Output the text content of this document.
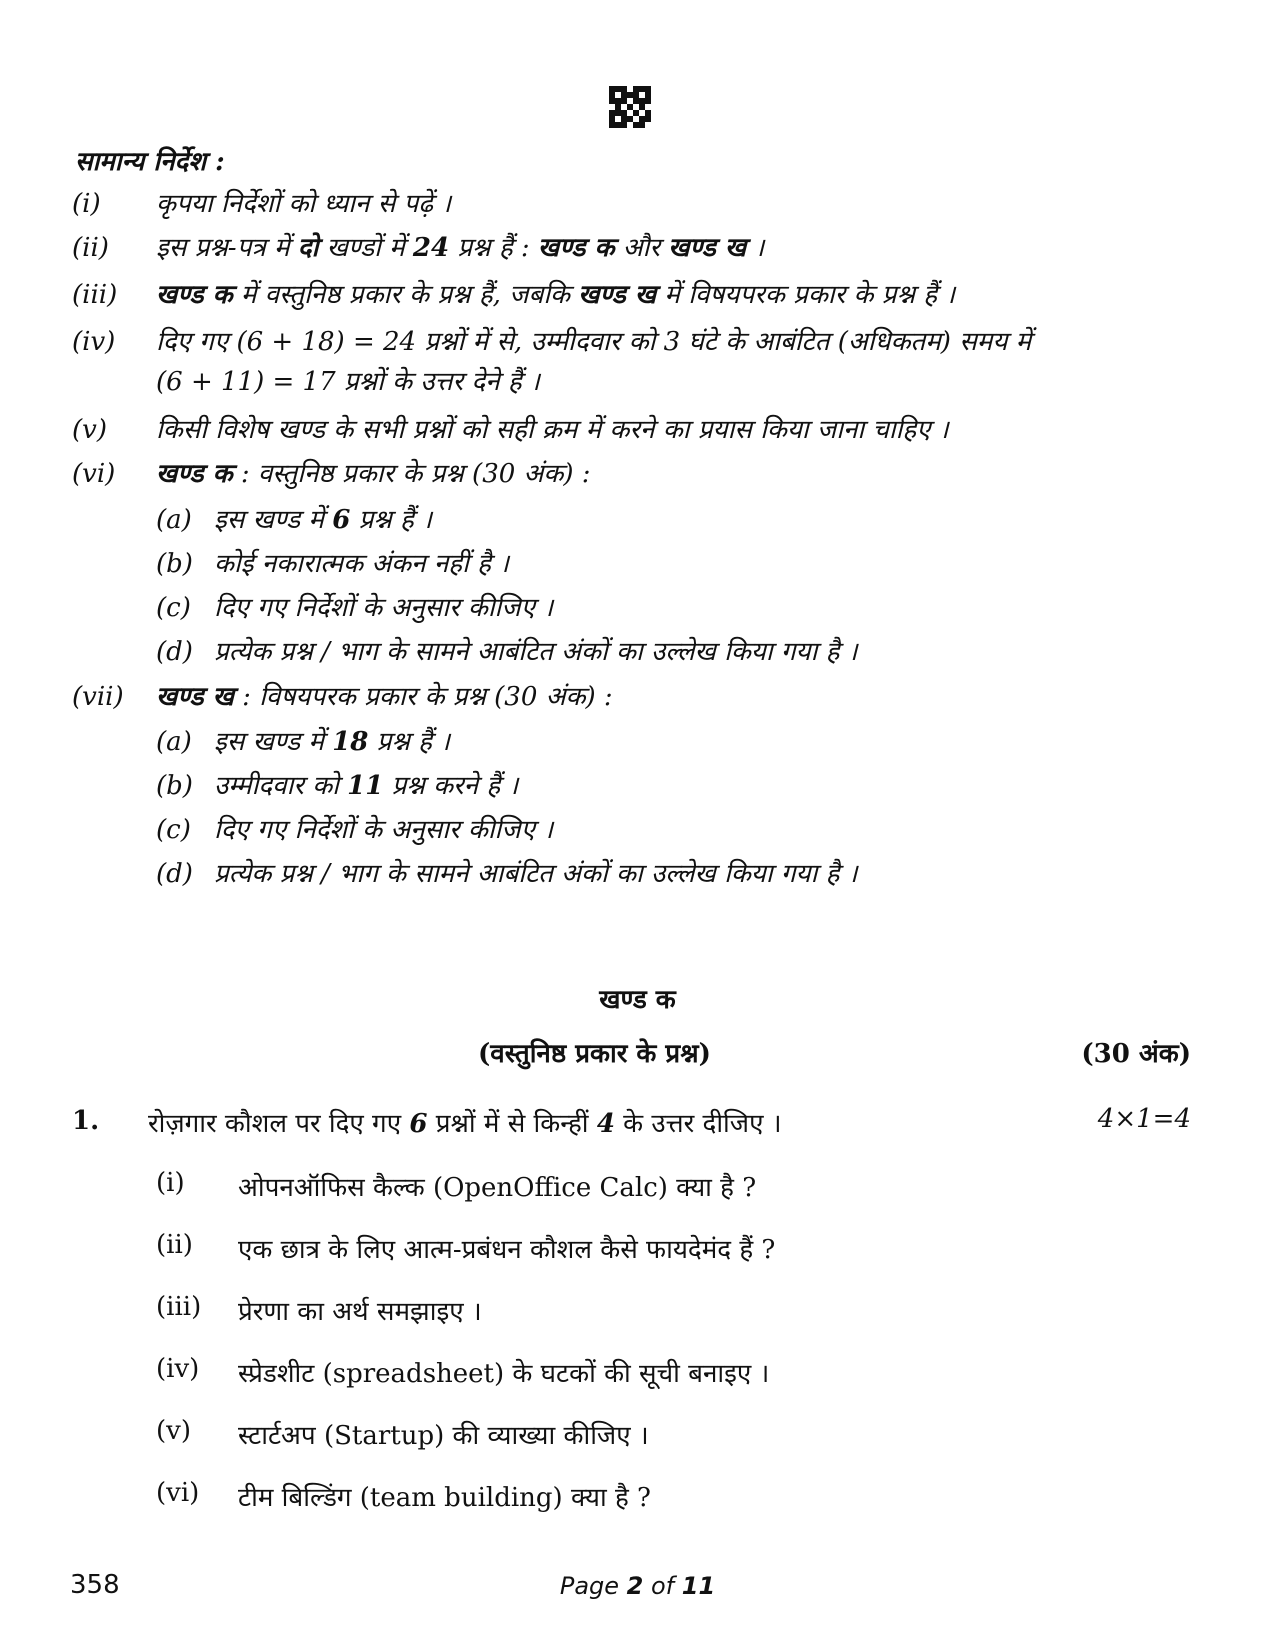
सामान्य निर्देश :
(i)	कृपया निर्देशों को ध्यान से पढ़ें ।
(ii)	इस प्रश्न-पत्र में दो खण्डों में 24 प्रश्न हैं : खण्ड क और खण्ड ख ।
(iii)	खण्ड क में वस्तुनिष्ठ प्रकार के प्रश्न हैं, जबकि खण्ड ख में विषयपरक प्रकार के प्रश्न हैं ।
(iv)	दिए गए (6 + 18) = 24 प्रश्नों में से, उम्मीदवार को 3 घंटे के आबंटित (अधिकतम) समय में
(6 + 11) = 17 प्रश्नों के उत्तर देने हैं ।
(v)	किसी विशेष खण्ड के सभी प्रश्नों को सही क्रम में करने का प्रयास किया जाना चाहिए ।
(vi)	खण्ड क : वस्तुनिष्ठ प्रकार के प्रश्न (30 अंक) :
(a) इस खण्ड में 6 प्रश्न हैं ।
(b) कोई नकारात्मक अंकन नहीं है ।
(c) दिए गए निर्देशों के अनुसार कीजिए ।
(d) प्रत्येक प्रश्न / भाग के सामने आबंटित अंकों का उल्लेख किया गया है ।
(vii)	खण्ड ख : विषयपरक प्रकार के प्रश्न (30 अंक) :
(a) इस खण्ड में 18 प्रश्न हैं ।
(b) उम्मीदवार को 11 प्रश्न करने हैं ।
(c) दिए गए निर्देशों के अनुसार कीजिए ।
(d) प्रत्येक प्रश्न / भाग के सामने आबंटित अंकों का उल्लेख किया गया है ।
खण्ड क
(वस्तुनिष्ठ प्रकार के प्रश्न)	(30 अंक)
1. रोज़गार कौशल पर दिए गए 6 प्रश्नों में से किन्हीं 4 के उत्तर दीजिए ।	4×1=4
(i) ओपनऑफिस कैल्क (OpenOffice Calc) क्या है ?
(ii) एक छात्र के लिए आत्म-प्रबंधन कौशल कैसे फायदेमंद हैं ?
(iii) प्रेरणा का अर्थ समझाइए ।
(iv) स्प्रेडशीट (spreadsheet) के घटकों की सूची बनाइए ।
(v) स्टार्टअप (Startup) की व्याख्या कीजिए ।
(vi) टीम बिल्डिंग (team building) क्या है ?
358	Page 2 of 11
